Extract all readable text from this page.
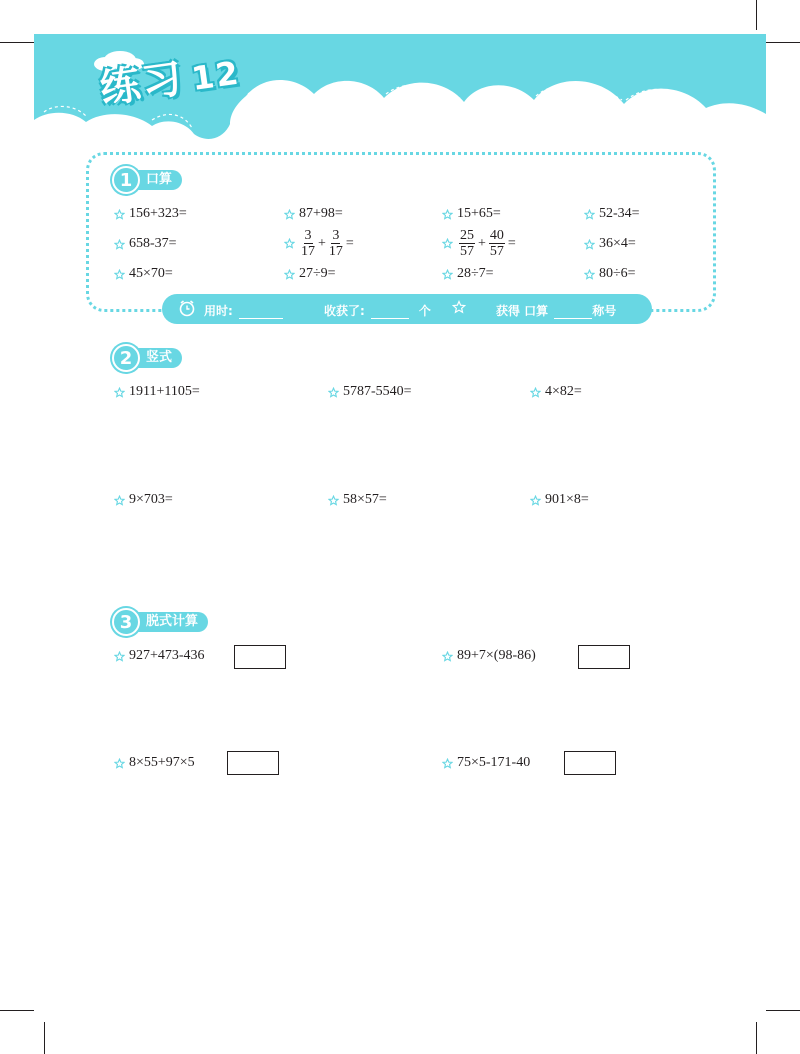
练习12
1	口算
156+323=	87+98=	15+65=	52-34=
658-37=	$\frac{3}{17} + \frac{3}{17}$ =	$\frac{25}{57} + \frac{40}{57}$ =	36×4=
45×70=	27÷9=	28÷7=	80÷6=
用时:	收获了:	个	获得 口算	称号
2	竖式
1911+1105=	5787-5540=	4×82=
9×703=	58×57=	901×8=
3	脱式计算
927+473-436	89+7×(98-86)
8×55+97×5	75×5-171-40
